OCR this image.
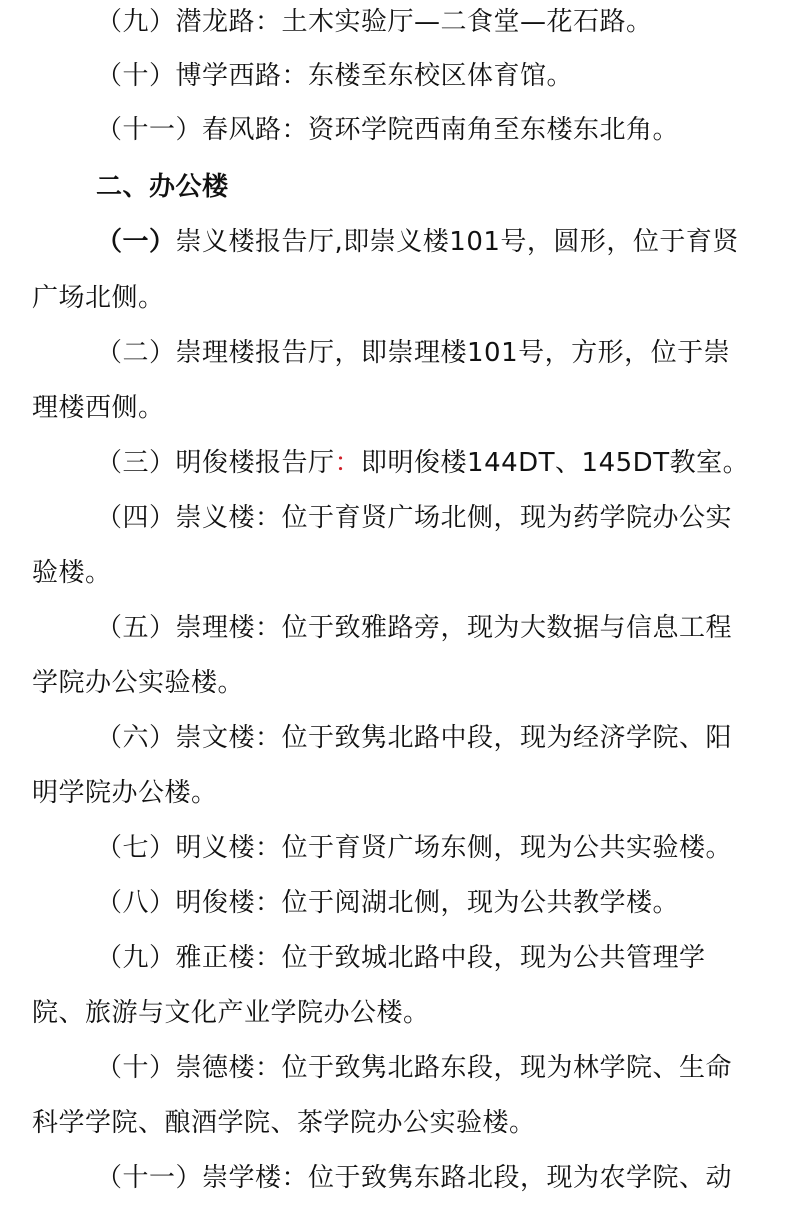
（九）潜龙路：土木实验厅—二食堂—花石路。
（十）博学西路：东楼至东校区体育馆。
（十一）春风路：资环学院西南角至东楼东北角。
二、办公楼
（一）崇义楼报告厅,即崇义楼101号，圆形，位于育贤
广场北侧。
（二）崇理楼报告厅，即崇理楼101号，方形，位于崇
理楼西侧。
（三）明俊楼报告厅：即明俊楼144DT、145DT教室。
（四）崇义楼：位于育贤广场北侧，现为药学院办公实
验楼。
（五）崇理楼：位于致雅路旁，现为大数据与信息工程
学院办公实验楼。
（六）崇文楼：位于致隽北路中段，现为经济学院、阳
明学院办公楼。
（七）明义楼：位于育贤广场东侧，现为公共实验楼。
（八）明俊楼：位于阅湖北侧，现为公共教学楼。
（九）雅正楼：位于致城北路中段，现为公共管理学
院、旅游与文化产业学院办公楼。
（十）崇德楼：位于致隽北路东段，现为林学院、生命
科学学院、酿酒学院、茶学院办公实验楼。
（十一）崇学楼：位于致隽东路北段，现为农学院、动
